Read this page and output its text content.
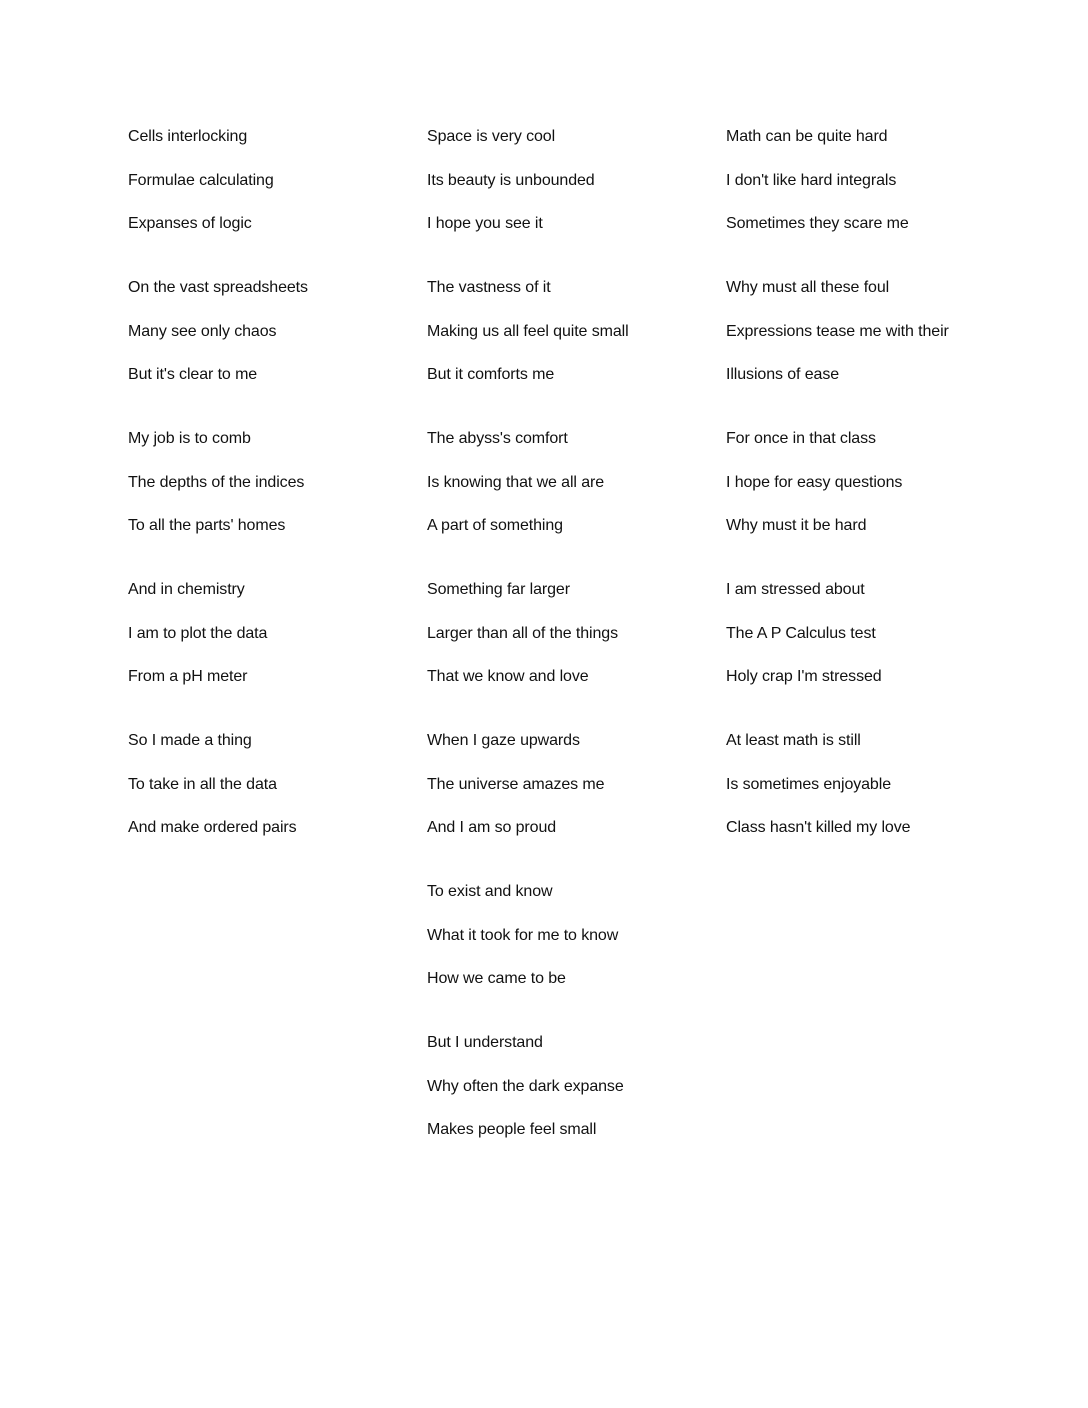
Cells interlocking
Formulae calculating
Expanses of logic
On the vast spreadsheets
Many see only chaos
But it's clear to me
My job is to comb
The depths of the indices
To all the parts' homes
And in chemistry
I am to plot the data
From a pH meter
So I made a thing
To take in all the data
And make ordered pairs
Space is very cool
Its beauty is unbounded
I hope you see it
The vastness of it
Making us all feel quite small
But it comforts me
The abyss's comfort
Is knowing that we all are
A part of something
Something far larger
Larger than all of the things
That we know and love
When I gaze upwards
The universe amazes me
And I am so proud
To exist and know
What it took for me to know
How we came to be
But I understand
Why often the dark expanse
Makes people feel small
Math can be quite hard
I don't like hard integrals
Sometimes they scare me
Why must all these foul
Expressions tease me with their
Illusions of ease
For once in that class
I hope for easy questions
Why must it be hard
I am stressed about
The A P Calculus test
Holy crap I'm stressed
At least math is still
Is sometimes enjoyable
Class hasn't killed my love
